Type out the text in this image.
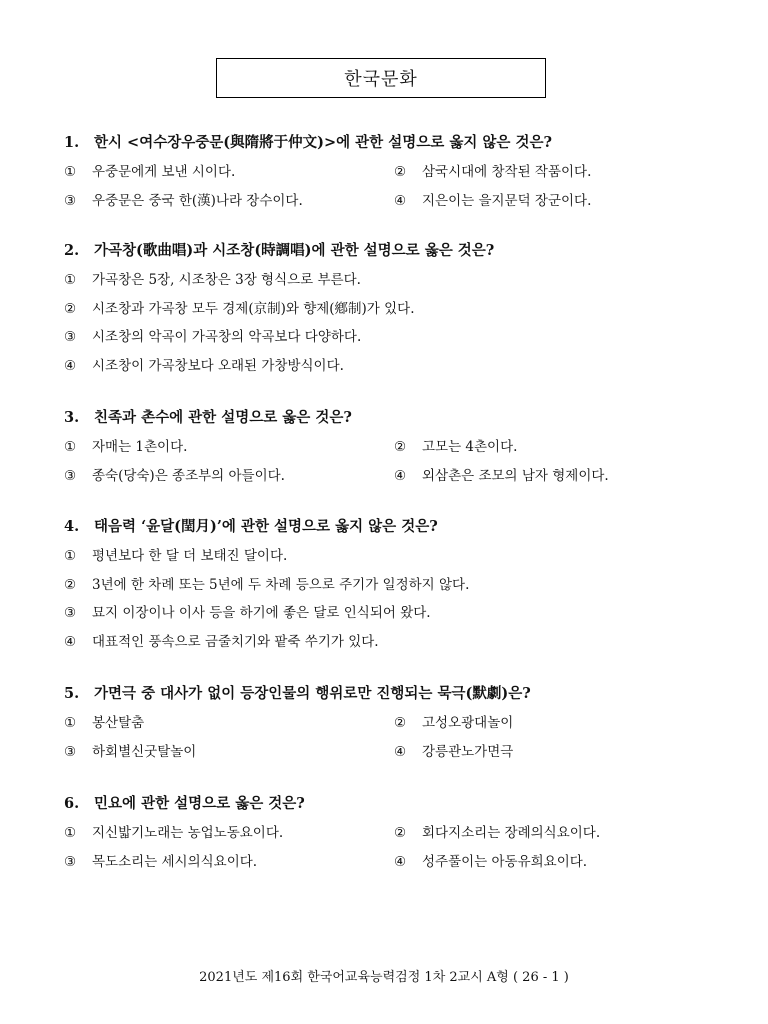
한국문화
1. 한시 <여수장우중문(與隋將于仲文)>에 관한 설명으로 옳지 않은 것은?
① 우중문에게 보낸 시이다.	② 삼국시대에 창작된 작품이다.
③ 우중문은 중국 한(漢)나라 장수이다.	④ 지은이는 을지문덕 장군이다.
2. 가곡창(歌曲唱)과 시조창(時調唱)에 관한 설명으로 옳은 것은?
① 가곡창은 5장, 시조창은 3장 형식으로 부른다.
② 시조창과 가곡창 모두 경제(京制)와 향제(鄕制)가 있다.
③ 시조창의 악곡이 가곡창의 악곡보다 다양하다.
④ 시조창이 가곡창보다 오래된 가창방식이다.
3. 친족과 촌수에 관한 설명으로 옳은 것은?
① 자매는 1촌이다.	② 고모는 4촌이다.
③ 종숙(당숙)은 종조부의 아들이다.	④ 외삼촌은 조모의 남자 형제이다.
4. 태음력 ‘윤달(閏月)’에 관한 설명으로 옳지 않은 것은?
① 평년보다 한 달 더 보태진 달이다.
② 3년에 한 차례 또는 5년에 두 차례 등으로 주기가 일정하지 않다.
③ 묘지 이장이나 이사 등을 하기에 좋은 달로 인식되어 왔다.
④ 대표적인 풍속으로 금줄치기와 팥죽 쑤기가 있다.
5. 가면극 중 대사가 없이 등장인물의 행위로만 진행되는 묵극(默劇)은?
① 봉산탈춤	② 고성오광대놀이
③ 하회별신굿탈놀이	④ 강릉관노가면극
6. 민요에 관한 설명으로 옳은 것은?
① 지신밟기노래는 농업노동요이다.	② 회다지소리는 장례의식요이다.
③ 목도소리는 세시의식요이다.	④ 성주풀이는 아동유희요이다.
2021년도 제16회 한국어교육능력검정 1차 2교시 A형 ( 26 - 1 )
